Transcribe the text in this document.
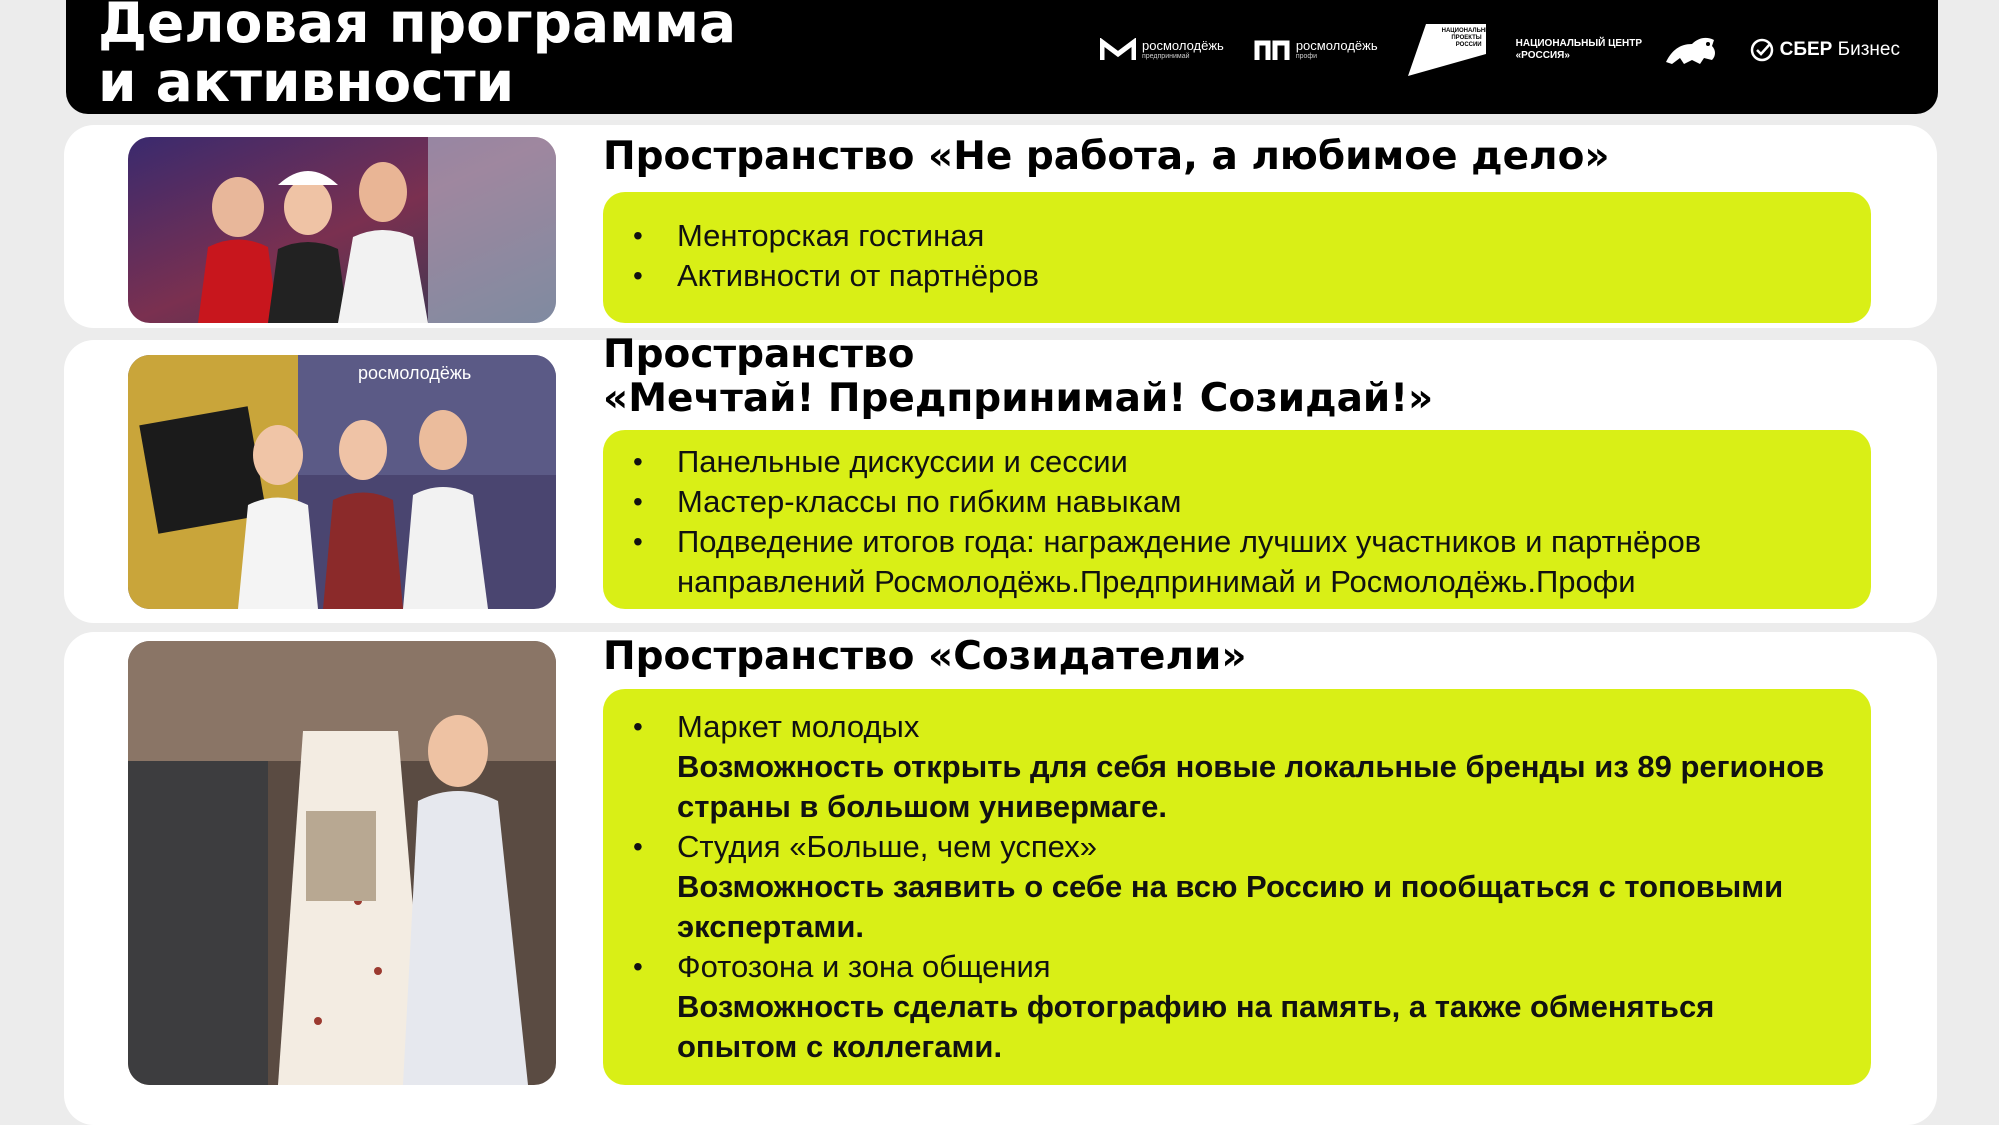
Деловая программа
и активности
росмолодёжь
предпринимай
росмолодёжь
профи
НАЦИОНАЛЬНЫЕ ПРОЕКТЫ РОССИИ	НАЦИОНАЛЬНЫЙ ЦЕНТР «РОССИЯ»	СБЕР Бизнес
Пространство «Не работа, а любимое дело»
• Менторская гостиная
• Активности от партнёров
росмолодёжь	Пространство
«Мечтай! Предпринимай! Созидай!»
• Панельные дискуссии и сессии
• Мастер-классы по гибким навыкам
• Подведение итогов года: награждение лучших участников и партнёров направлений Росмолодёжь.Предпринимай и Росмолодёжь.Профи
Пространство «Созидатели»
• Маркет молодых
Возможность открыть для себя новые локальные бренды из 89 регионов страны в большом универмаге.
• Студия «Больше, чем успех»
Возможность заявить о себе на всю Россию и пообщаться с топовыми экспертами.
• Фотозона и зона общения
Возможность сделать фотографию на память, а также обменяться опытом с коллегами.
